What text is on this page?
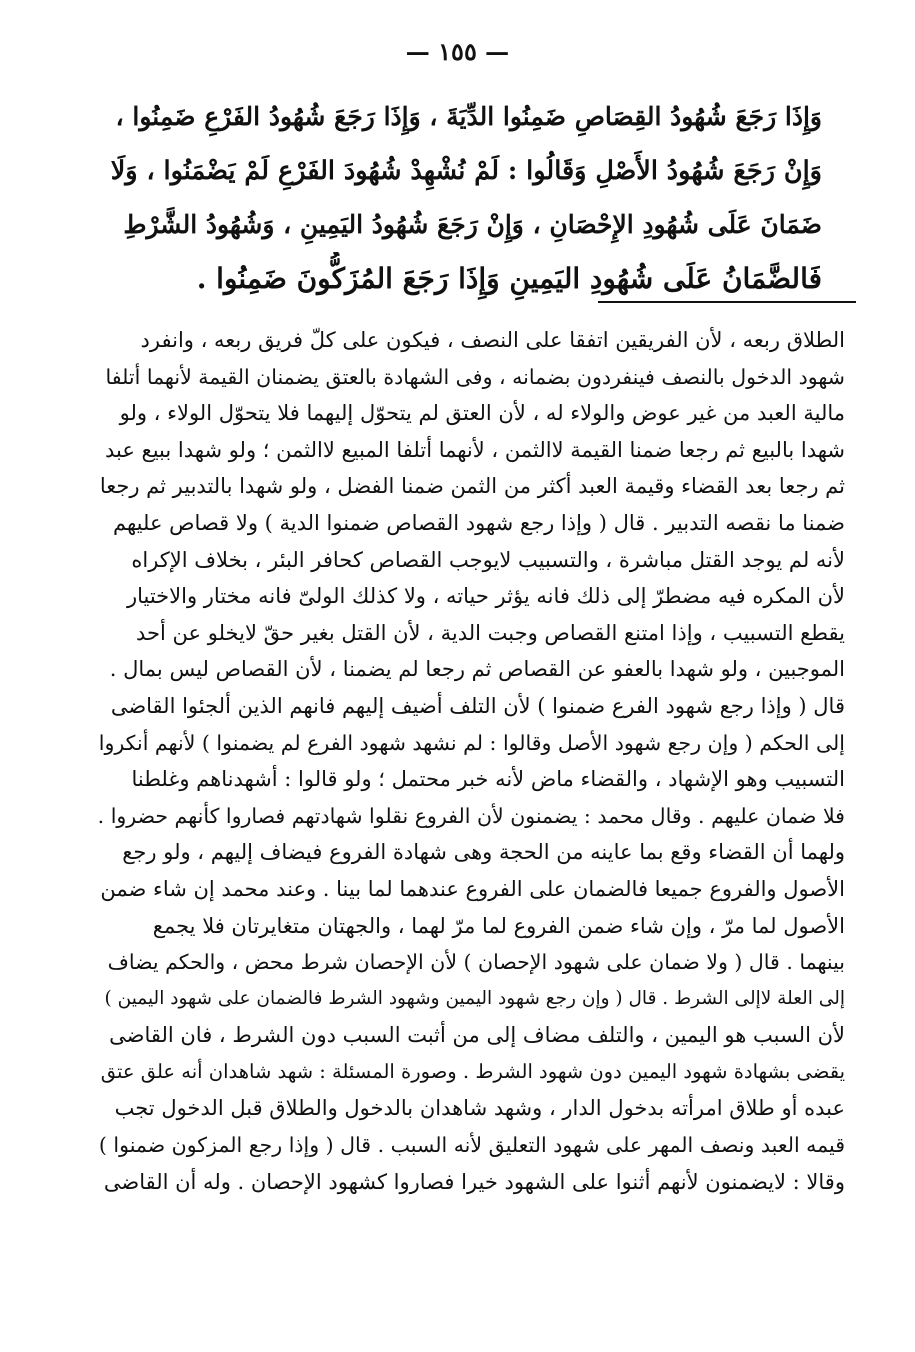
— ١٥٥ —
وَإِذَا رَجَعَ شُهُودُ القِصَاصِ ضَمِنُوا الدِّيَةَ ، وَإِذَا رَجَعَ شُهُودُ الفَرْعِ ضَمِنُوا ،
وَإِنْ رَجَعَ شُهُودُ الأَصْلِ وَقَالُوا : لَمْ نُشْهِدْ شُهُودَ الفَرْعِ لَمْ يَضْمَنُوا ، وَلَا
ضَمَانَ عَلَى شُهُودِ الإِحْصَانِ ، وَإِنْ رَجَعَ شُهُودُ اليَمِينِ ، وَشُهُودُ الشَّرْطِ
فَالضَّمَانُ عَلَى شُهُودِ اليَمِينِ وَإِذَا رَجَعَ المُزَكُّونَ ضَمِنُوا .
الطلاق ربعه ، لأن الفريقين اتفقا على النصف ، فيكون على كلّ فريق ربعه ، وانفرد
شهود الدخول بالنصف فينفردون بضمانه ، وفى الشهادة بالعتق يضمنان القيمة لأنهما أتلفا
مالية العبد من غير عوض والولاء له ، لأن العتق لم يتحوّل إليهما فلا يتحوّل الولاء ، ولو
شهدا بالبيع ثم رجعا ضمنا القيمة لاالثمن ، لأنهما أتلفا المبيع لاالثمن ؛ ولو شهدا ببيع عبد
ثم رجعا بعد القضاء وقيمة العبد أكثر من الثمن ضمنا الفضل ، ولو شهدا بالتدبير ثم رجعا
ضمنا ما نقصه التدبير . قال ( وإذا رجع شهود القصاص ضمنوا الدية ) ولا قصاص عليهم
لأنه لم يوجد القتل مباشرة ، والتسبيب لايوجب القصاص كحافر البئر ، بخلاف الإكراه
لأن المكره فيه مضطرّ إلى ذلك فانه يؤثر حياته ، ولا كذلك الولىّ فانه مختار والاختيار
يقطع التسبيب ، وإذا امتنع القصاص وجبت الدية ، لأن القتل بغير حقّ لايخلو عن أحد
الموجبين ، ولو شهدا بالعفو عن القصاص ثم رجعا لم يضمنا ، لأن القصاص ليس بمال .
قال ( وإذا رجع شهود الفرع ضمنوا ) لأن التلف أضيف إليهم فانهم الذين ألجئوا القاضى
إلى الحكم ( وإن رجع شهود الأصل وقالوا : لم نشهد شهود الفرع لم يضمنوا ) لأنهم أنكروا
التسبيب وهو الإشهاد ، والقضاء ماض لأنه خبر محتمل ؛ ولو قالوا : أشهدناهم وغلطنا
فلا ضمان عليهم . وقال محمد : يضمنون لأن الفروع نقلوا شهادتهم فصاروا كأنهم حضروا .
ولهما أن القضاء وقع بما عاينه من الحجة وهى شهادة الفروع فيضاف إليهم ، ولو رجع
الأصول والفروع جميعا فالضمان على الفروع عندهما لما بينا . وعند محمد إن شاء ضمن
الأصول لما مرّ ، وإن شاء ضمن الفروع لما مرّ لهما ، والجهتان متغايرتان فلا يجمع
بينهما . قال ( ولا ضمان على شهود الإحصان ) لأن الإحصان شرط محض ، والحكم يضاف
إلى العلة لاإلى الشرط . قال ( وإن رجع شهود اليمين وشهود الشرط فالضمان على شهود اليمين )
لأن السبب هو اليمين ، والتلف مضاف إلى من أثبت السبب دون الشرط ، فان القاضى
يقضى بشهادة شهود اليمين دون شهود الشرط . وصورة المسئلة : شهد شاهدان أنه علق عتق
عبده أو طلاق امرأته بدخول الدار ، وشهد شاهدان بالدخول والطلاق قبل الدخول تجب
قيمه العبد ونصف المهر على شهود التعليق لأنه السبب . قال ( وإذا رجع المزكون ضمنوا )
وقالا : لايضمنون لأنهم أثنوا على الشهود خيرا فصاروا كشهود الإحصان . وله أن القاضى
